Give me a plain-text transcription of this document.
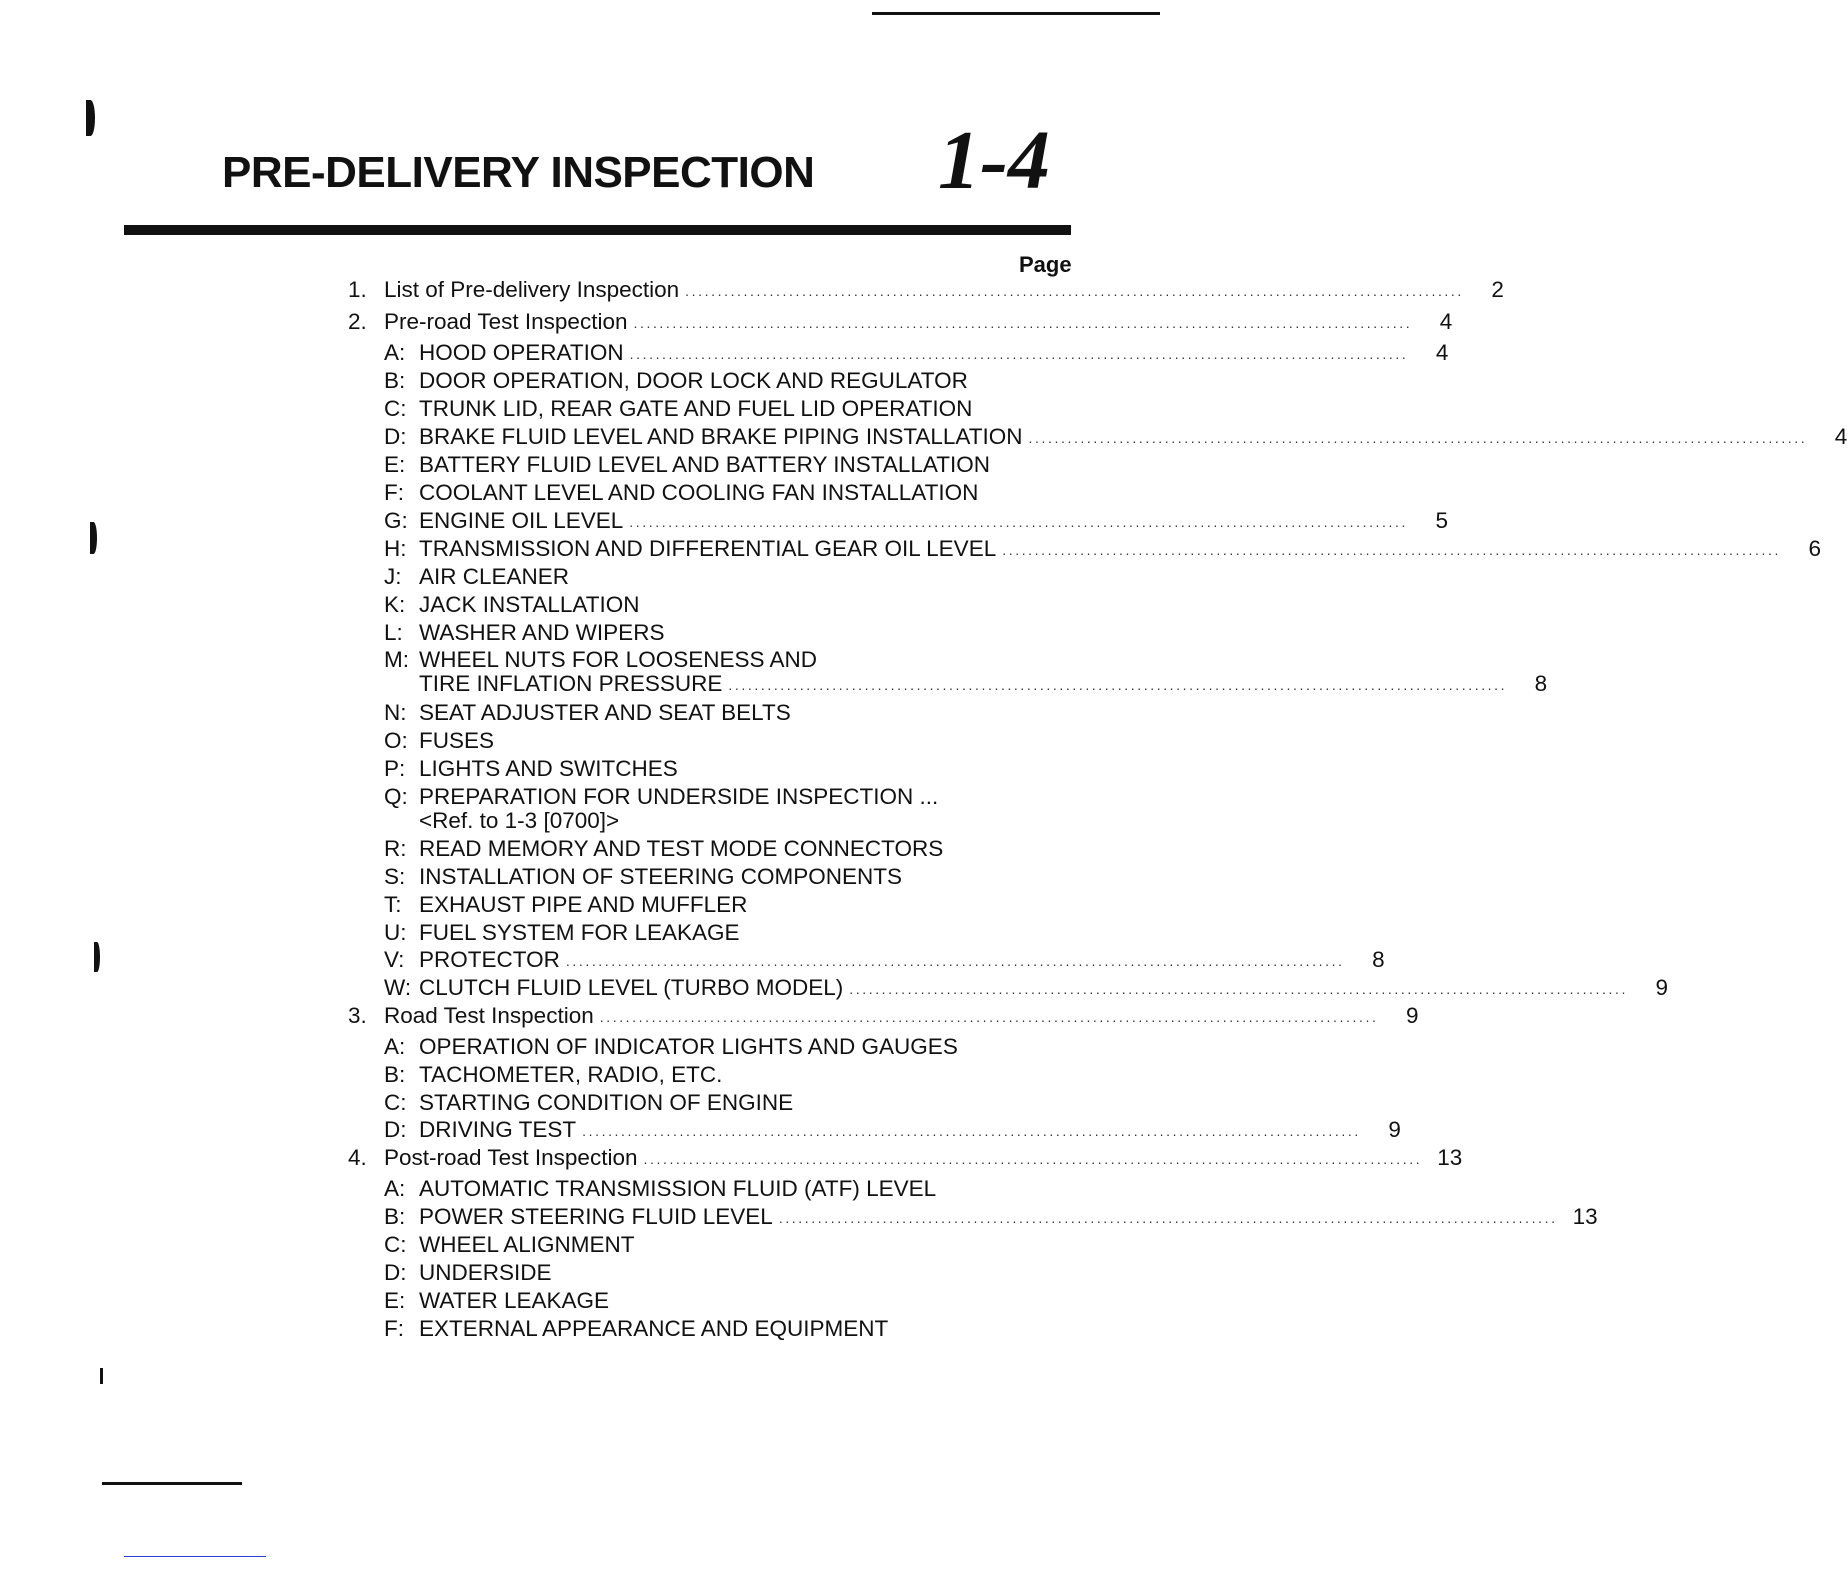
PRE-DELIVERY INSPECTION 1-4
Page
1. List of Pre-delivery Inspection ........................................................................................................................	2
2. Pre-road Test Inspection ........................................................................................................................	4
A: HOOD OPERATION ........................................................................................................................	4
B: DOOR OPERATION, DOOR LOCK AND REGULATOR
C: TRUNK LID, REAR GATE AND FUEL LID OPERATION
D: BRAKE FLUID LEVEL AND BRAKE PIPING INSTALLATION ........................................................................................................................	4
E: BATTERY FLUID LEVEL AND BATTERY INSTALLATION
F: COOLANT LEVEL AND COOLING FAN INSTALLATION
G: ENGINE OIL LEVEL ........................................................................................................................	5
H: TRANSMISSION AND DIFFERENTIAL GEAR OIL LEVEL ........................................................................................................................	6
J: AIR CLEANER
K: JACK INSTALLATION
L: WASHER AND WIPERS
M: WHEEL NUTS FOR LOOSENESS AND
TIRE INFLATION PRESSURE ........................................................................................................................	8
N: SEAT ADJUSTER AND SEAT BELTS
O: FUSES
P: LIGHTS AND SWITCHES
Q: PREPARATION FOR UNDERSIDE INSPECTION ...
<Ref. to 1-3 [0700]>
R: READ MEMORY AND TEST MODE CONNECTORS
S: INSTALLATION OF STEERING COMPONENTS
T: EXHAUST PIPE AND MUFFLER
U: FUEL SYSTEM FOR LEAKAGE
V: PROTECTOR ........................................................................................................................	8
W: CLUTCH FLUID LEVEL (TURBO MODEL) ........................................................................................................................	9
3. Road Test Inspection ........................................................................................................................	9
A: OPERATION OF INDICATOR LIGHTS AND GAUGES
B: TACHOMETER, RADIO, ETC.
C: STARTING CONDITION OF ENGINE
D: DRIVING TEST ........................................................................................................................	9
4. Post-road Test Inspection ........................................................................................................................ 13
A: AUTOMATIC TRANSMISSION FLUID (ATF) LEVEL
B: POWER STEERING FLUID LEVEL ........................................................................................................................ 13
C: WHEEL ALIGNMENT
D: UNDERSIDE
E: WATER LEAKAGE
F: EXTERNAL APPEARANCE AND EQUIPMENT
